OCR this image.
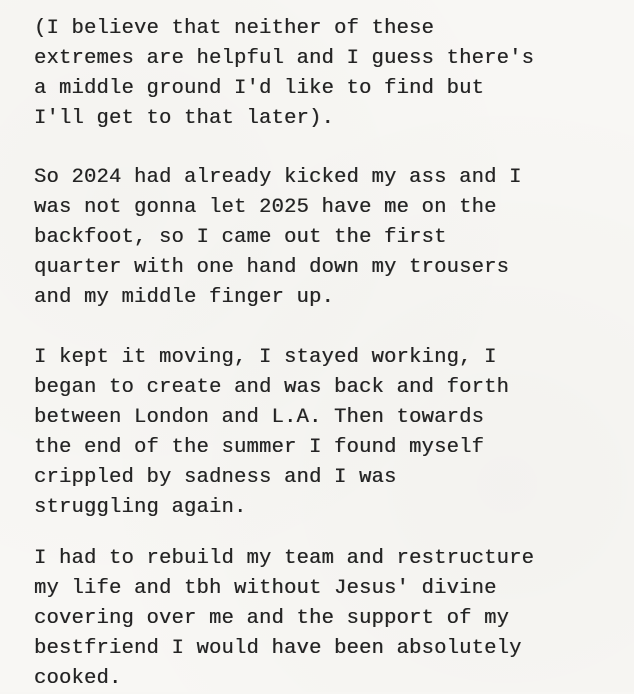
(I believe that neither of these
extremes are helpful and I guess there's
a middle ground I'd like to find but
I'll get to that later).
So 2024 had already kicked my ass and I
was not gonna let 2025 have me on the
backfoot, so I came out the first
quarter with one hand down my trousers
and my middle finger up.
I kept it moving, I stayed working, I
began to create and was back and forth
between London and L.A. Then towards
the end of the summer I found myself
crippled by sadness and I was
struggling again.
I had to rebuild my team and restructure
my life and tbh without Jesus' divine
covering over me and the support of my
bestfriend I would have been absolutely
cooked.
